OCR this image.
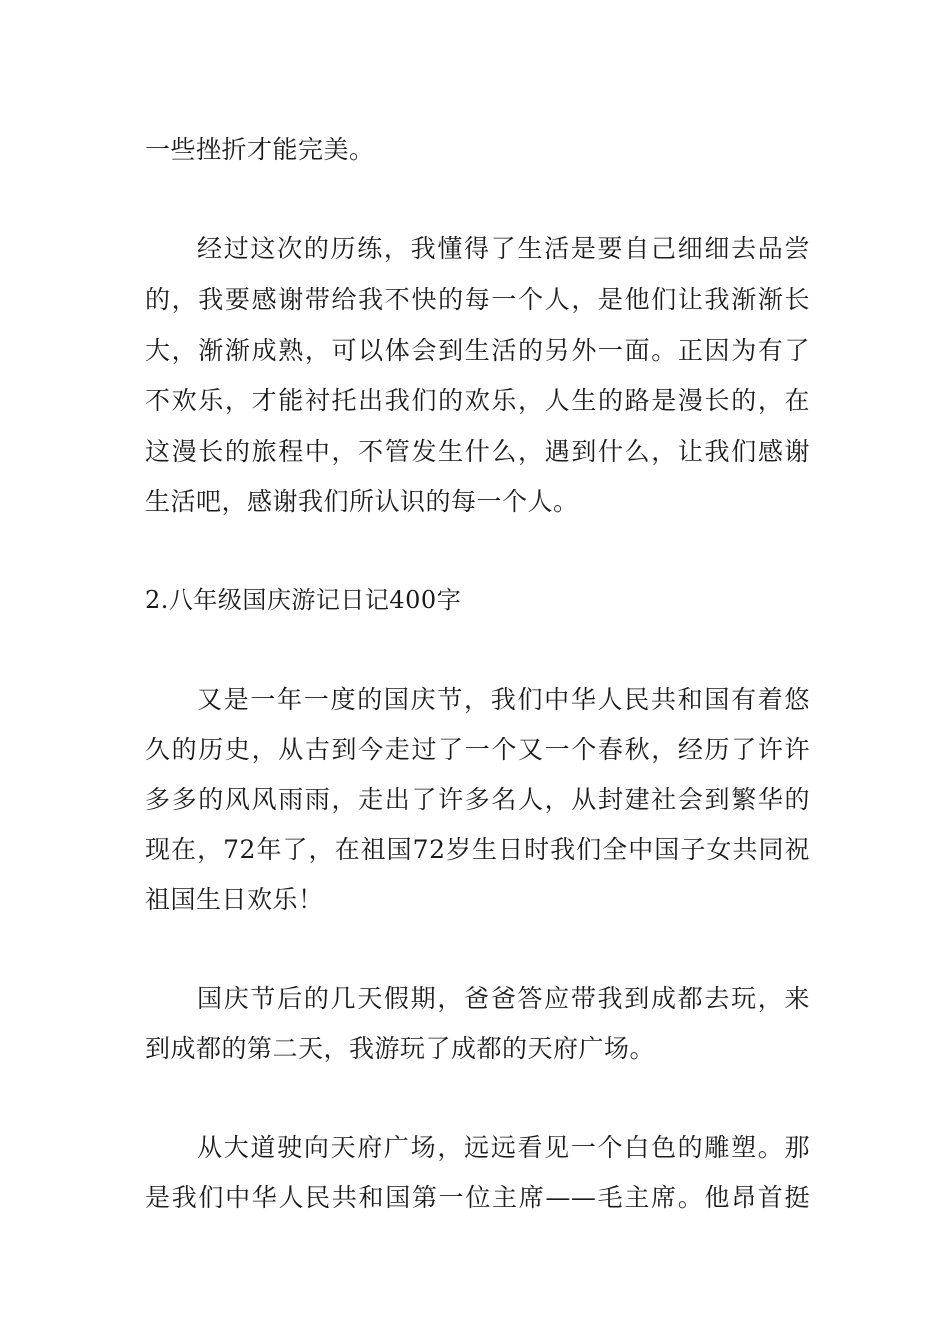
一些挫折才能完美。
经过这次的历练，我懂得了生活是要自己细细去品尝
的，我要感谢带给我不快的每一个人，是他们让我渐渐长
大，渐渐成熟，可以体会到生活的另外一面。正因为有了
不欢乐，才能衬托出我们的欢乐，人生的路是漫长的，在
这漫长的旅程中，不管发生什么，遇到什么，让我们感谢
生活吧，感谢我们所认识的每一个人。
2.八年级国庆游记日记400字
又是一年一度的国庆节，我们中华人民共和国有着悠
久的历史，从古到今走过了一个又一个春秋，经历了许许
多多的风风雨雨，走出了许多名人，从封建社会到繁华的
现在，72年了，在祖国72岁生日时我们全中国子女共同祝
祖国生日欢乐！
国庆节后的几天假期，爸爸答应带我到成都去玩，来
到成都的第二天，我游玩了成都的天府广场。
从大道驶向天府广场，远远看见一个白色的雕塑。那
是我们中华人民共和国第一位主席——毛主席。他昂首挺
